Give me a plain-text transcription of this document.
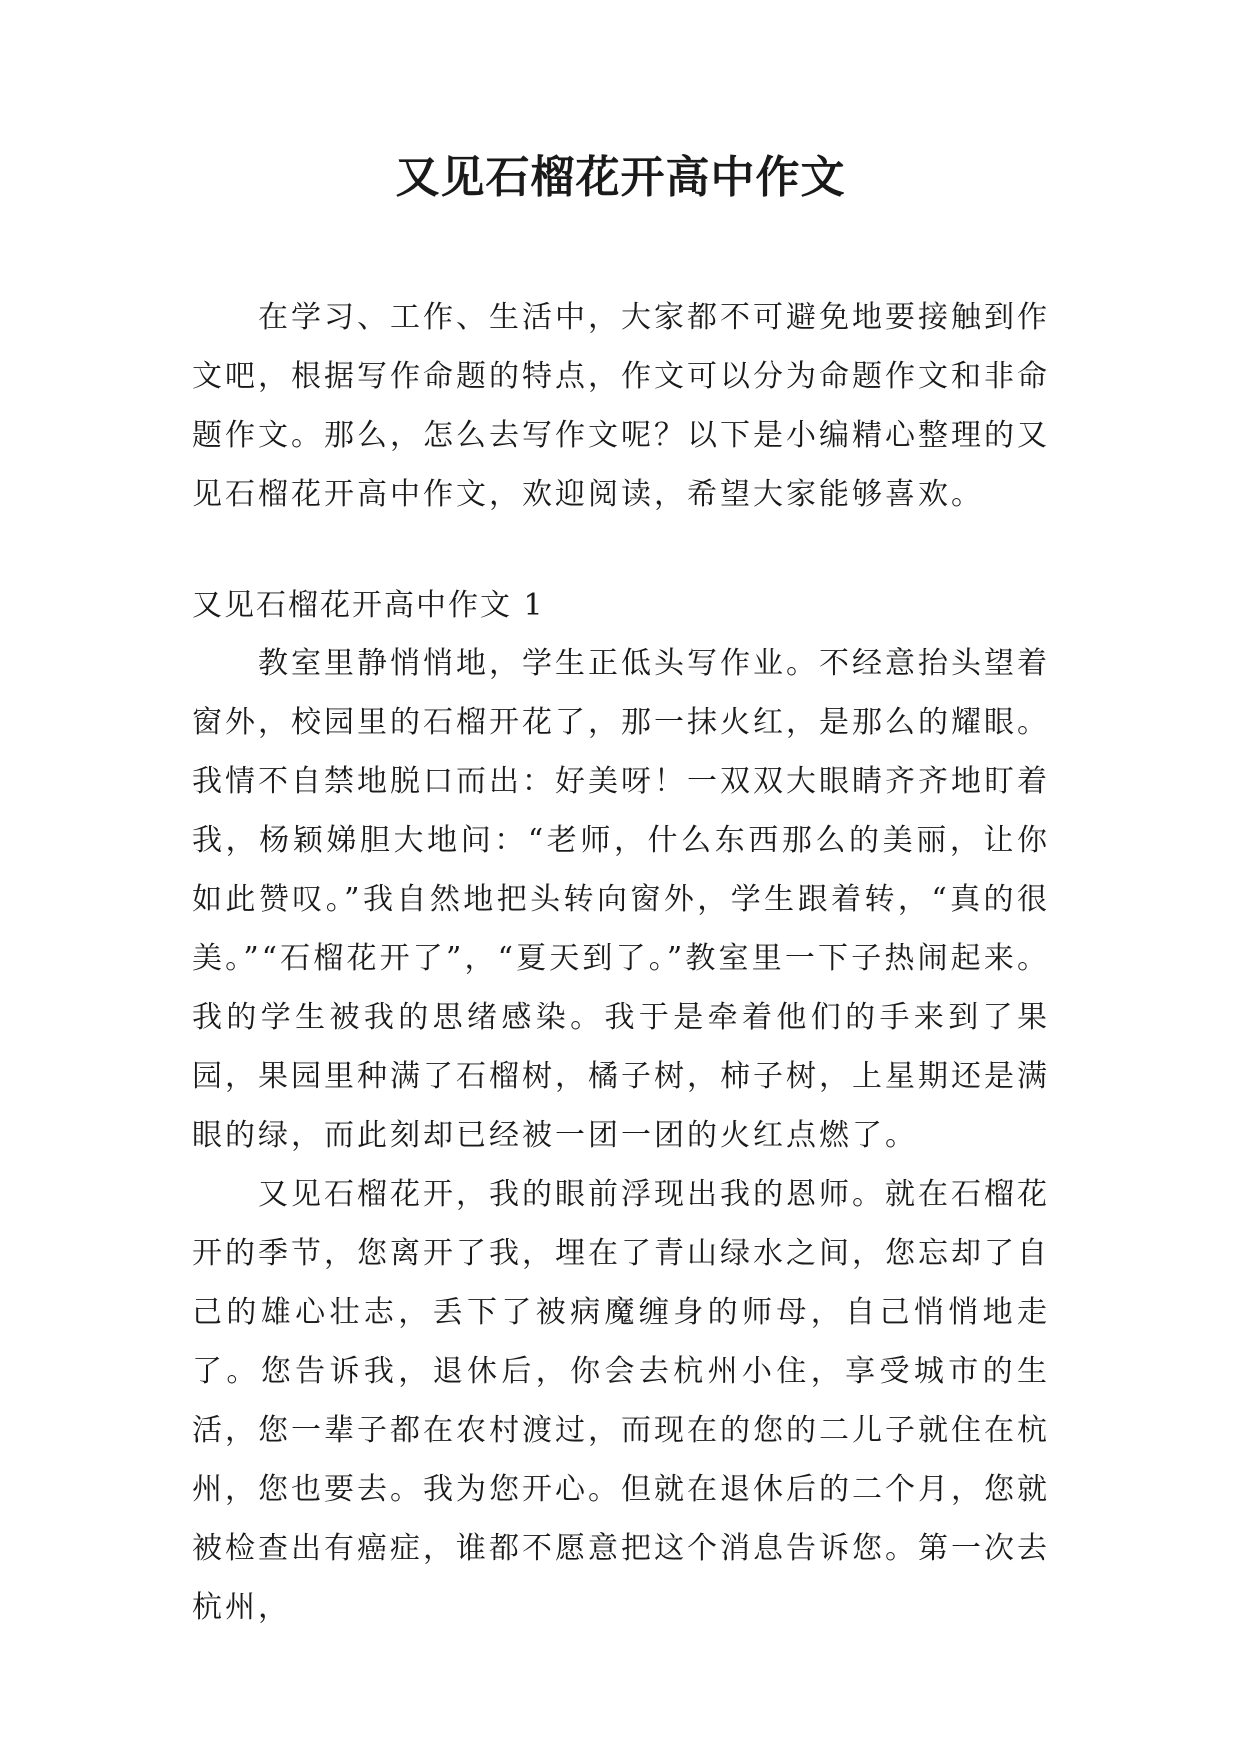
又见石榴花开高中作文

在学习、工作、生活中，大家都不可避免地要接触到作文吧，根据写作命题的特点，作文可以分为命题作文和非命题作文。那么，怎么去写作文呢？以下是小编精心整理的又见石榴花开高中作文，欢迎阅读，希望大家能够喜欢。

又见石榴花开高中作文 1

教室里静悄悄地，学生正低头写作业。不经意抬头望着窗外，校园里的石榴开花了，那一抹火红，是那么的耀眼。我情不自禁地脱口而出：好美呀！一双双大眼睛齐齐地盯着我，杨颖娣胆大地问：“老师，什么东西那么的美丽，让你如此赞叹。”我自然地把头转向窗外，学生跟着转，“真的很美。”“石榴花开了”，“夏天到了。”教室里一下子热闹起来。我的学生被我的思绪感染。我于是牵着他们的手来到了果园，果园里种满了石榴树，橘子树，柿子树，上星期还是满眼的绿，而此刻却已经被一团一团的火红点燃了。

又见石榴花开，我的眼前浮现出我的恩师。就在石榴花开的季节，您离开了我，埋在了青山绿水之间，您忘却了自己的雄心壮志，丢下了被病魔缠身的师母，自己悄悄地走了。您告诉我，退休后，你会去杭州小住，享受城市的生活，您一辈子都在农村渡过，而现在的您的二儿子就住在杭州，您也要去。我为您开心。但就在退休后的二个月，您就被检查出有癌症，谁都不愿意把这个消息告诉您。第一次去杭州，
